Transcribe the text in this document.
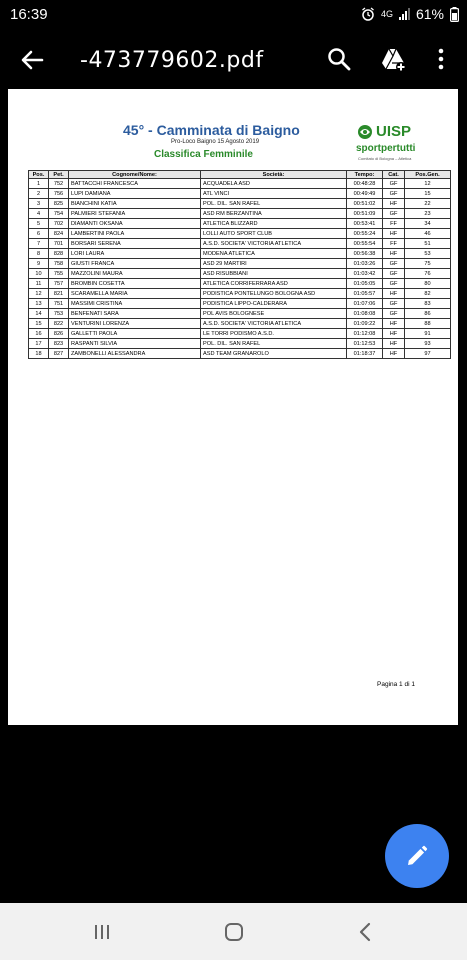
16:39	4G 61%
-473779602.pdf
45° - Camminata di Baigno
Pro-Loco Baigno 15 Agosto 2019
Classifica Femminile
UISP
sportpertutti
Comitato di Bologna – Atletica
Pos.	Pet.	Cognome/Nome:	Società:	Tempo:	Cat.	Pos.Gen.
1	752	BATTACCHI FRANCESCA	ACQUADELA ASD	00:48:28	GF	12
2	756	LUPI DAMIANA	ATL VINCI	00:49:49	GF	15
3	825	BIANCHINI KATIA	POL. DIL. SAN RAFEL	00:51:02	HF	22
4	754	PALMIERI STEFANIA	ASD RM BERZANTINA	00:51:09	GF	23
5	702	DIAMANTI OKSANA	ATLETICA BLIZZARD	00:53:41	FF	34
6	824	LAMBERTINI PAOLA	LOLLI AUTO SPORT CLUB	00:55:24	HF	46
7	701	BORSARI SERENA	A.S.D. SOCIETA' VICTORIA ATLETICA	00:55:54	FF	51
8	828	LORI LAURA	MODENA ATLETICA	00:56:38	HF	53
9	758	GIUSTI FRANCA	ASD 29 MARTIRI	01:03:26	GF	75
10	755	MAZZOLINI MAURA	ASD RISUBBIANI	01:03:42	GF	76
11	757	BROMBIN COSETTA	ATLETICA CORRIFERRARA ASD	01:05:05	GF	80
12	821	SCARAMELLA MARIA	PODISTICA PONTELUNGO BOLOGNA ASD	01:05:57	HF	82
13	751	MASSIMI CRISTINA	PODISTICA LIPPO-CALDERARA	01:07:06	GF	83
14	753	BENFENATI SARA	POL AVIS BOLOGNESE	01:08:08	GF	86
15	822	VENTURINI LORENZA	A.S.D. SOCIETA' VICTORIA ATLETICA	01:09:22	HF	88
16	826	GALLETTI PAOLA	LE TORRI PODISMO A.S.D.	01:12:08	HF	91
17	823	RASPANTI SILVIA	POL. DIL. SAN RAFEL	01:12:53	HF	93
18	827	ZAMBONELLI ALESSANDRA	ASD TEAM GRANAROLO	01:18:37	HF	97
Pagina 1 di 1
